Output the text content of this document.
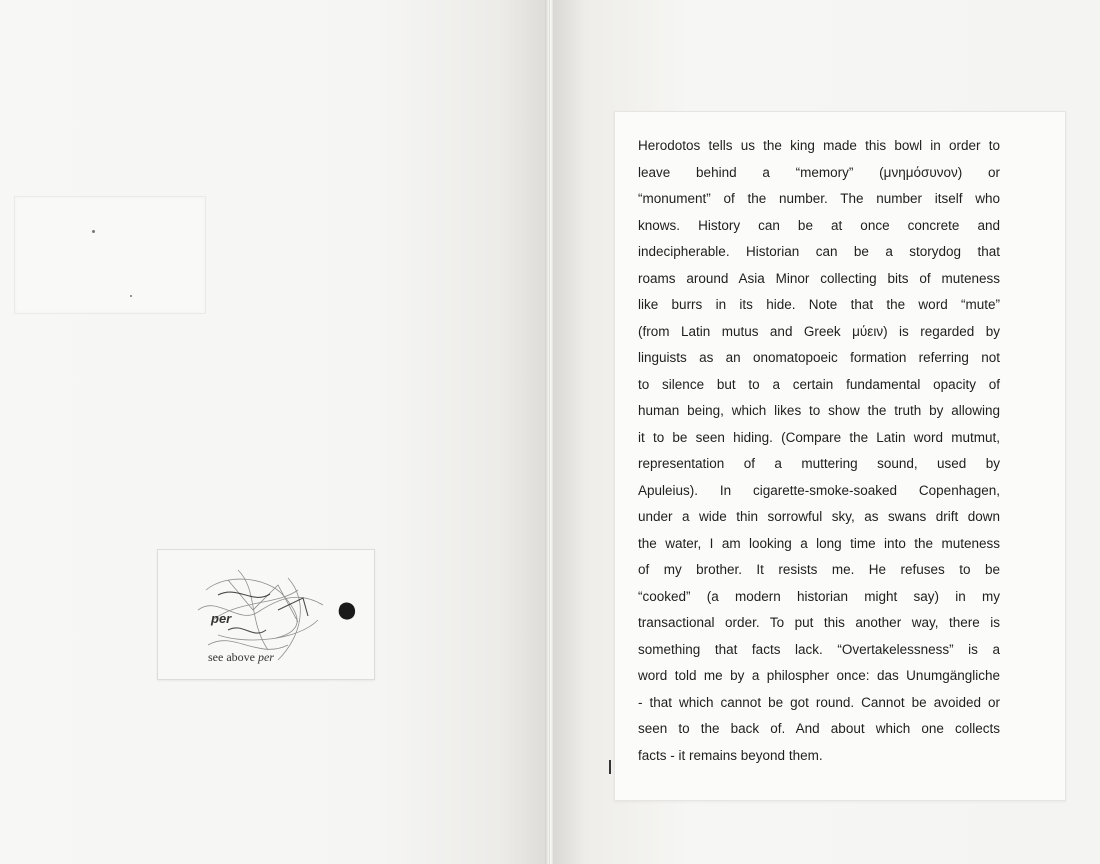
per
see above per
Herodotos tells us the king made this bowl in order to
leave behind a “memory” (μνημόσυνον) or
“monument” of the number. The number itself who
knows. History can be at once concrete and
indecipherable. Historian can be a storydog that
roams around Asia Minor collecting bits of muteness
like burrs in its hide. Note that the word “mute”
(from Latin mutus and Greek μύειν) is regarded by
linguists as an onomatopoeic formation referring not
to silence but to a certain fundamental opacity of
human being, which likes to show the truth by allowing
it to be seen hiding. (Compare the Latin word mutmut,
representation of a muttering sound, used by
Apuleius). In cigarette-smoke-soaked Copenhagen,
under a wide thin sorrowful sky, as swans drift down
the water, I am looking a long time into the muteness
of my brother. It resists me. He refuses to be
“cooked” (a modern historian might say) in my
transactional order. To put this another way, there is
something that facts lack. “Overtakelessness” is a
word told me by a philospher once: das Unumgängliche
- that which cannot be got round. Cannot be avoided or
seen to the back of. And about which one collects
facts - it remains beyond them.
